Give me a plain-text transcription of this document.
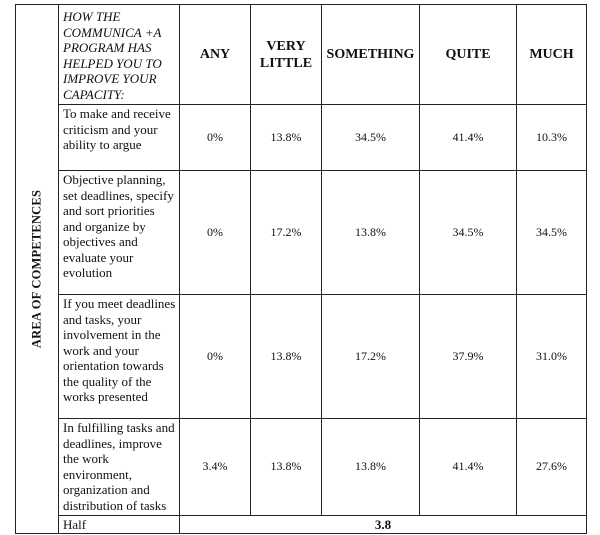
AREA OF COMPETENCES	HOW THE COMMUNICA +A PROGRAM HAS HELPED YOU TO IMPROVE YOUR CAPACITY:	ANY	VERY LITTLE	SOMETHING	QUITE	MUCH
	To make and receive criticism and your ability to argue	0%	13.8%	34.5%	41.4%	10.3%
	Objective planning, set deadlines, specify and sort priorities and organize by objectives and evaluate your evolution	0%	17.2%	13.8%	34.5%	34.5%
	If you meet deadlines and tasks, your involvement in the work and your orientation towards the quality of the works presented	0%	13.8%	17.2%	37.9%	31.0%
	In fulfilling tasks and deadlines, improve the work environment, organization and distribution of tasks	3.4%	13.8%	13.8%	41.4%	27.6%
	Half	3.8				
